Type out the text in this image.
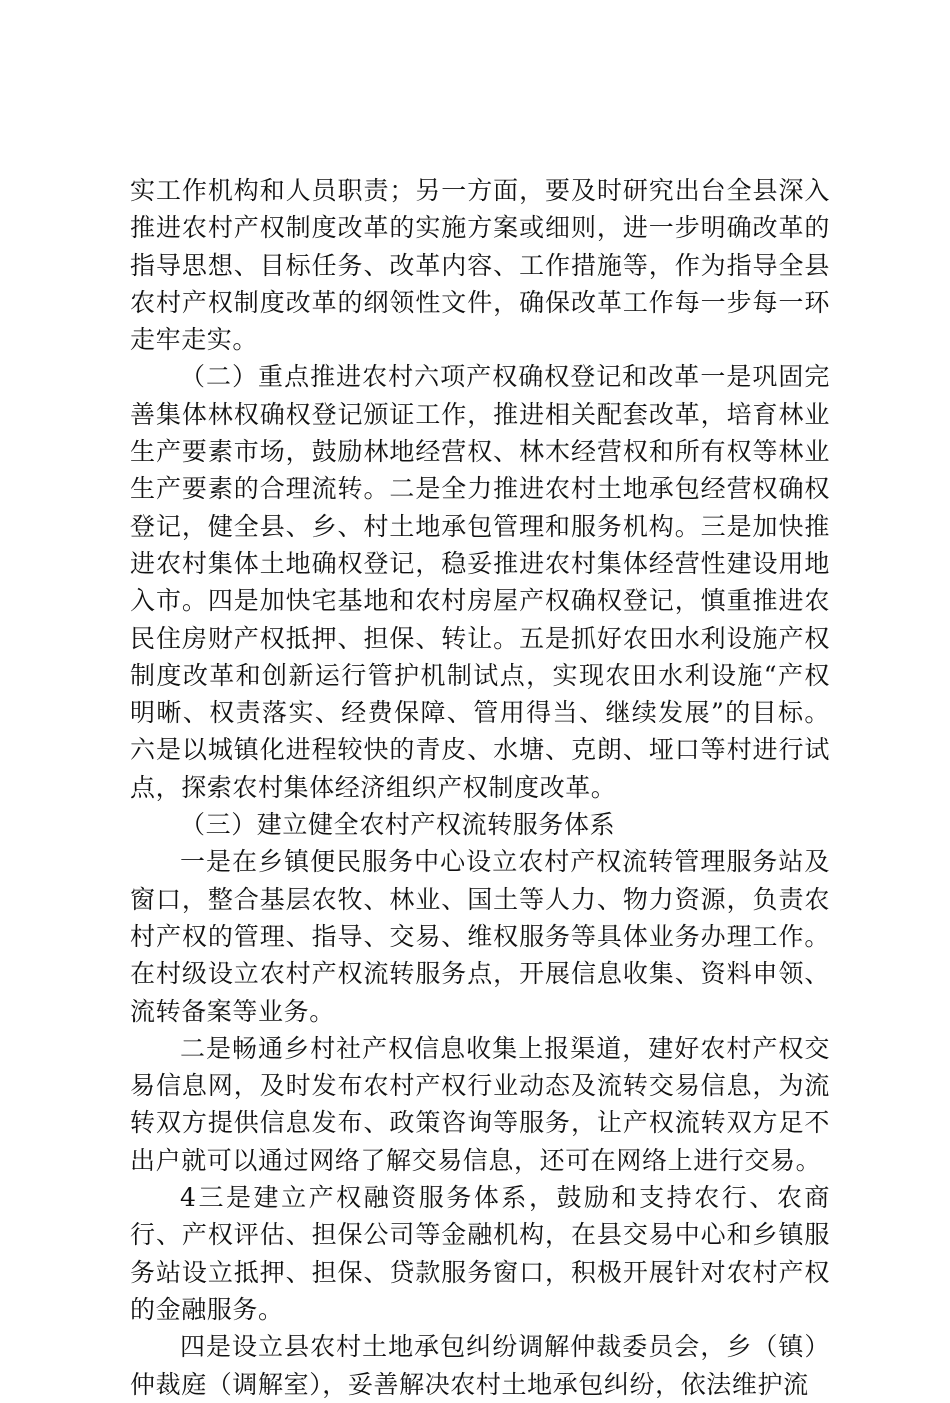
实工作机构和人员职责；另一方面，要及时研究出台全县深入推进农村产权制度改革的实施方案或细则，进一步明确改革的指导思想、目标任务、改革内容、工作措施等，作为指导全县农村产权制度改革的纲领性文件，确保改革工作每一步每一环走牢走实。

（二）重点推进农村六项产权确权登记和改革一是巩固完善集体林权确权登记颁证工作，推进相关配套改革，培育林业生产要素市场，鼓励林地经营权、林木经营权和所有权等林业生产要素的合理流转。二是全力推进农村土地承包经营权确权登记，健全县、乡、村土地承包管理和服务机构。三是加快推进农村集体土地确权登记，稳妥推进农村集体经营性建设用地入市。四是加快宅基地和农村房屋产权确权登记，慎重推进农民住房财产权抵押、担保、转让。五是抓好农田水利设施产权制度改革和创新运行管护机制试点，实现农田水利设施“产权明晰、权责落实、经费保障、管用得当、继续发展”的目标。六是以城镇化进程较快的青皮、水塘、克朗、垭口等村进行试点，探索农村集体经济组织产权制度改革。

（三）建立健全农村产权流转服务体系

一是在乡镇便民服务中心设立农村产权流转管理服务站及窗口，整合基层农牧、林业、国土等人力、物力资源，负责农村产权的管理、指导、交易、维权服务等具体业务办理工作。在村级设立农村产权流转服务点，开展信息收集、资料申领、流转备案等业务。

二是畅通乡村社产权信息收集上报渠道，建好农村产权交易信息网，及时发布农村产权行业动态及流转交易信息，为流转双方提供信息发布、政策咨询等服务，让产权流转双方足不出户就可以通过网络了解交易信息，还可在网络上进行交易。

4三是建立产权融资服务体系，鼓励和支持农行、农商行、产权评估、担保公司等金融机构，在县交易中心和乡镇服务站设立抵押、担保、贷款服务窗口，积极开展针对农村产权的金融服务。

四是设立县农村土地承包纠纷调解仲裁委员会，乡（镇）仲裁庭（调解室），妥善解决农村土地承包纠纷，依法维护流
